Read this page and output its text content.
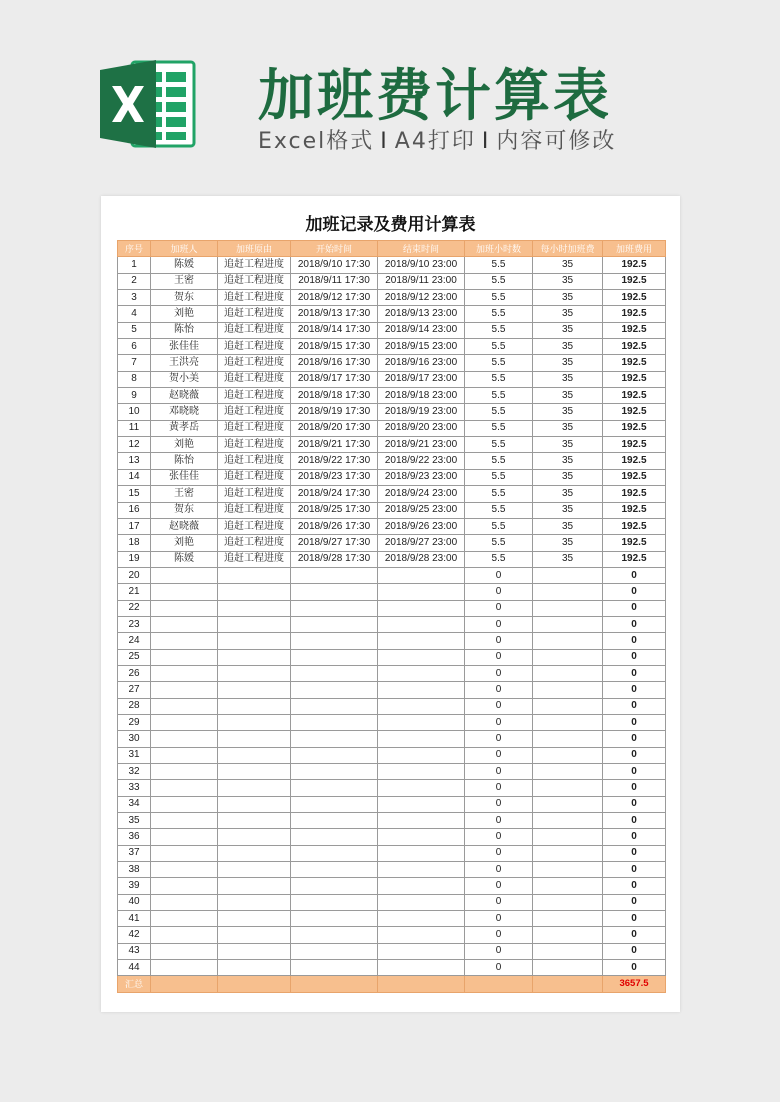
加班费计算表
Excel格式 I A4打印 I 内容可修改
加班记录及费用计算表
序号	加班人	加班原由	开始时间	结束时间	加班小时数	每小时加班费	加班费用
1	陈媛	追赶工程进度	2018/9/10 17:30	2018/9/10 23:00	5.5	35	192.5
2	王密	追赶工程进度	2018/9/11 17:30	2018/9/11 23:00	5.5	35	192.5
3	贺东	追赶工程进度	2018/9/12 17:30	2018/9/12 23:00	5.5	35	192.5
4	刘艳	追赶工程进度	2018/9/13 17:30	2018/9/13 23:00	5.5	35	192.5
5	陈怡	追赶工程进度	2018/9/14 17:30	2018/9/14 23:00	5.5	35	192.5
6	张佳佳	追赶工程进度	2018/9/15 17:30	2018/9/15 23:00	5.5	35	192.5
7	王洪亮	追赶工程进度	2018/9/16 17:30	2018/9/16 23:00	5.5	35	192.5
8	贺小美	追赶工程进度	2018/9/17 17:30	2018/9/17 23:00	5.5	35	192.5
9	赵晓薇	追赶工程进度	2018/9/18 17:30	2018/9/18 23:00	5.5	35	192.5
10	邓晓晓	追赶工程进度	2018/9/19 17:30	2018/9/19 23:00	5.5	35	192.5
11	黄孝岳	追赶工程进度	2018/9/20 17:30	2018/9/20 23:00	5.5	35	192.5
12	刘艳	追赶工程进度	2018/9/21 17:30	2018/9/21 23:00	5.5	35	192.5
13	陈怡	追赶工程进度	2018/9/22 17:30	2018/9/22 23:00	5.5	35	192.5
14	张佳佳	追赶工程进度	2018/9/23 17:30	2018/9/23 23:00	5.5	35	192.5
15	王密	追赶工程进度	2018/9/24 17:30	2018/9/24 23:00	5.5	35	192.5
16	贺东	追赶工程进度	2018/9/25 17:30	2018/9/25 23:00	5.5	35	192.5
17	赵晓薇	追赶工程进度	2018/9/26 17:30	2018/9/26 23:00	5.5	35	192.5
18	刘艳	追赶工程进度	2018/9/27 17:30	2018/9/27 23:00	5.5	35	192.5
19	陈媛	追赶工程进度	2018/9/28 17:30	2018/9/28 23:00	5.5	35	192.5
20					0		0
21					0		0
22					0		0
23					0		0
24					0		0
25					0		0
26					0		0
27					0		0
28					0		0
29					0		0
30					0		0
31					0		0
32					0		0
33					0		0
34					0		0
35					0		0
36					0		0
37					0		0
38					0		0
39					0		0
40					0		0
41					0		0
42					0		0
43					0		0
44					0		0
汇总							3657.5
